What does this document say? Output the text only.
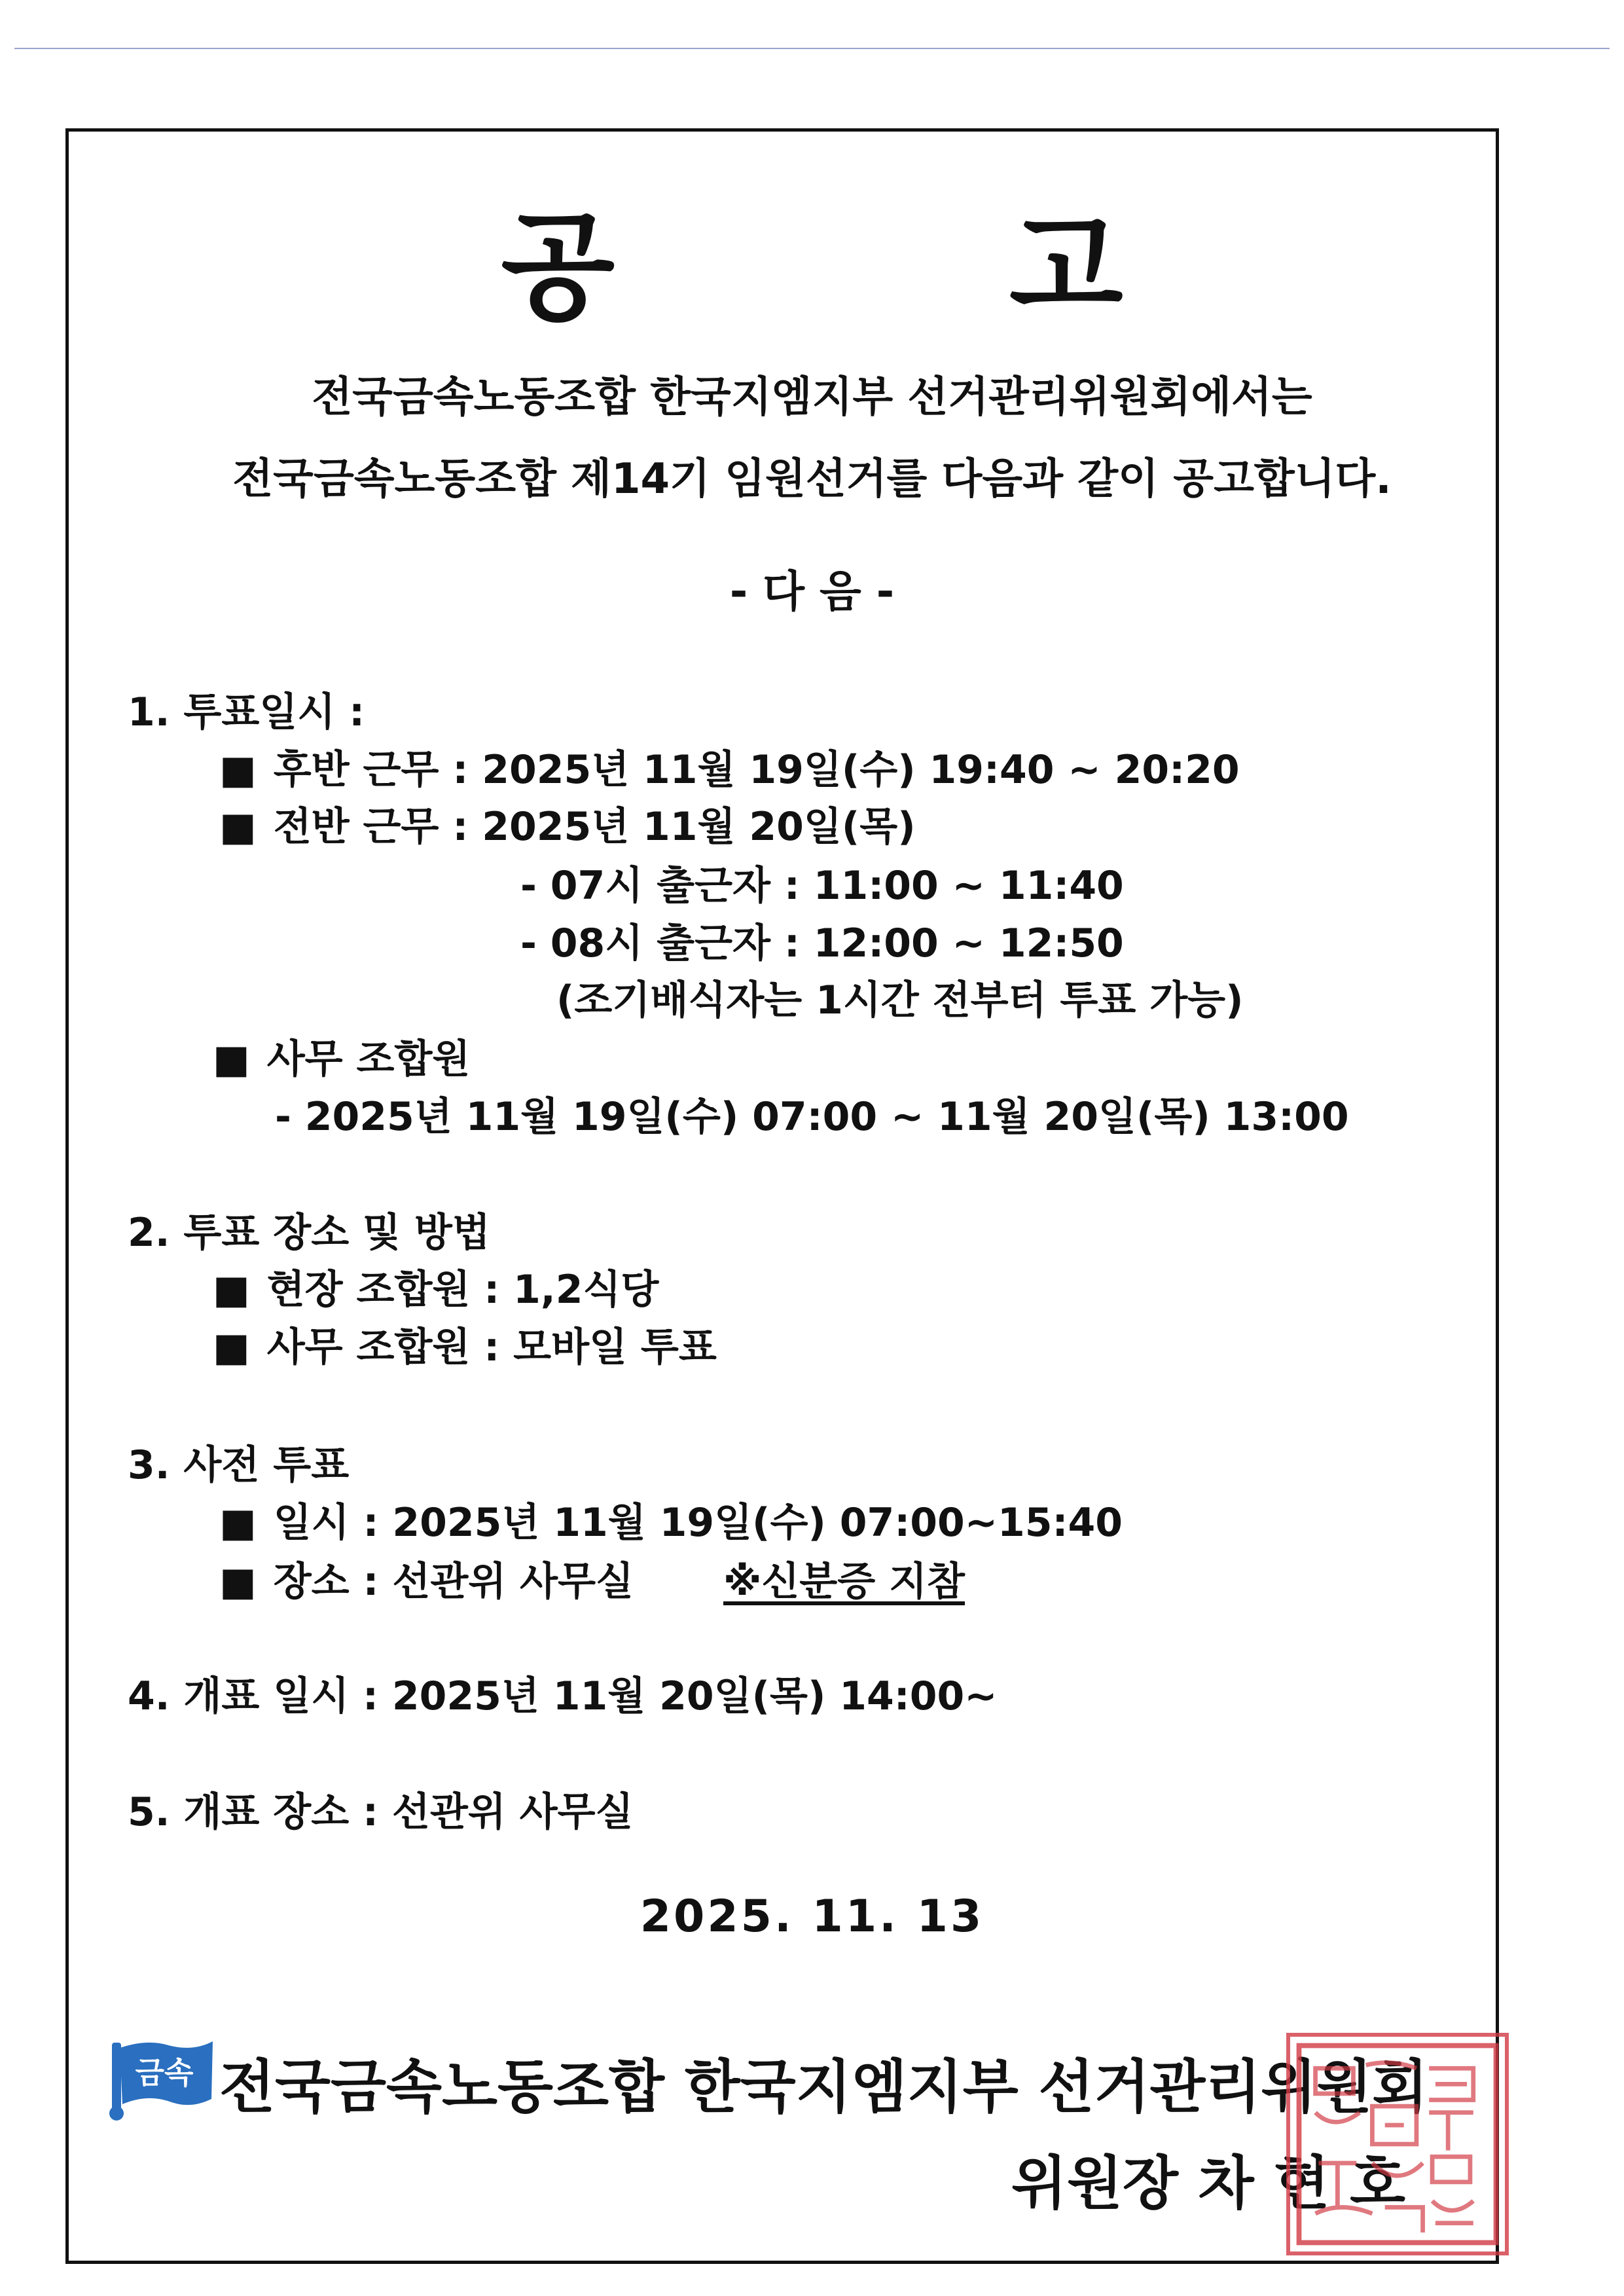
공 고
전국금속노동조합 한국지엠지부 선거관리위원회에서는
전국금속노동조합 제14기 임원선거를 다음과 같이 공고합니다.
- 다 음 -
1. 투표일시 :
■ 후반 근무 : 2025년 11월 19일(수) 19:40 ~ 20:20
■ 전반 근무 : 2025년 11월 20일(목)
- 07시 출근자 : 11:00 ~ 11:40
- 08시 출근자 : 12:00 ~ 12:50
(조기배식자는 1시간 전부터 투표 가능)
■ 사무 조합원
- 2025년 11월 19일(수) 07:00 ~ 11월 20일(목) 13:00
2. 투표 장소 및 방법
■ 현장 조합원 : 1,2식당
■ 사무 조합원 : 모바일 투표
3. 사전 투표
■ 일시 : 2025년 11월 19일(수) 07:00~15:40
■ 장소 : 선관위 사무실 ※신분증 지참
4. 개표 일시 : 2025년 11월 20일(목) 14:00~
5. 개표 장소 : 선관위 사무실
2025. 11. 13
금속 전국금속노동조합 한국지엠지부 선거관리위원회
위원장 차 현 호
